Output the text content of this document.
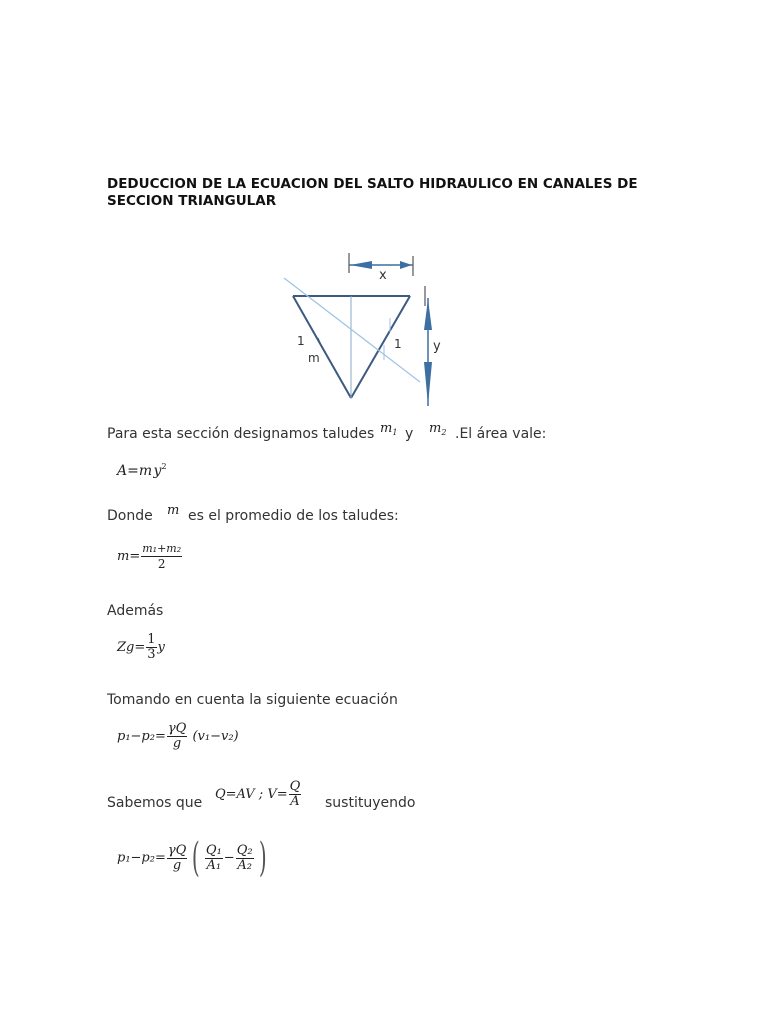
DEDUCCION DE LA ECUACION DEL SALTO HIDRAULICO EN CANALES DE
SECCION TRIANGULAR
x
y
1
m
1
Para esta sección designamos taludes $m_1$ y $m_2$ .El área vale:
A=m $y^2$
Donde m es el promedio de los taludes:
$m= \frac{\text{m₁+m₂}}{2}$
Además
$Zg= \frac{1}{3}$ y
Tomando en cuenta la siguiente ecuación
$p_1-p_2= \frac{\gamma Q}{g} (v_1-v_2)$
Sabemos que
Q=AV ; $V= \frac{Q}{A}$ sustituyendo
$p_1-p_2= \frac{\gamma Q}{g}$ ( $\frac{\text{Q₁}}{\text{A₁}} - \frac{\text{Q₂}}{\text{A₂}}$ )
